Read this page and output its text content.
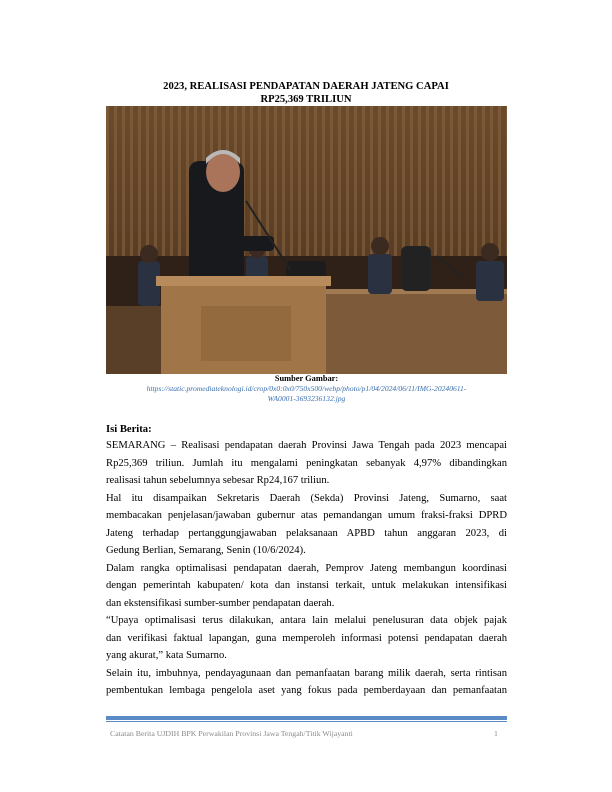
2023, REALISASI PENDAPATAN DAERAH JATENG CAPAI
RP25,369 TRILIUN
Sumber Gambar:
https://static.promediateknologi.id/crop/0x0:0x0/750x500/webp/photo/p1/04/2024/06/11/IMG-20240611-
WA0001-3693236132.jpg
Isi Berita:

SEMARANG – Realisasi pendapatan daerah Provinsi Jawa Tengah pada 2023 mencapai
Rp25,369 triliun. Jumlah itu mengalami peningkatan sebanyak 4,97% dibandingkan
realisasi tahun sebelumnya sebesar Rp24,167 triliun.

Hal itu disampaikan Sekretaris Daerah (Sekda) Provinsi Jateng, Sumarno, saat
membacakan penjelasan/jawaban gubernur atas pemandangan umum fraksi-fraksi DPRD
Jateng terhadap pertanggungjawaban pelaksanaan APBD tahun anggaran 2023, di
Gedung Berlian, Semarang, Senin (10/6/2024).

Dalam rangka optimalisasi pendapatan daerah, Pemprov Jateng membangun koordinasi
dengan pemerintah kabupaten/ kota dan instansi terkait, untuk melakukan intensifikasi
dan ekstensifikasi sumber-sumber pendapatan daerah.

“Upaya optimalisasi terus dilakukan, antara lain melalui penelusuran data objek pajak
dan verifikasi faktual lapangan, guna memperoleh informasi potensi pendapatan daerah
yang akurat,” kata Sumarno.

Selain itu, imbuhnya, pendayagunaan dan pemanfaatan barang milik daerah, serta rintisan
pembentukan lembaga pengelola aset yang fokus pada pemberdayaan dan pemanfaatan

Catatan Berita UJDIH BPK Perwakilan Provinsi Jawa Tengah/Titik Wijayanti	1
